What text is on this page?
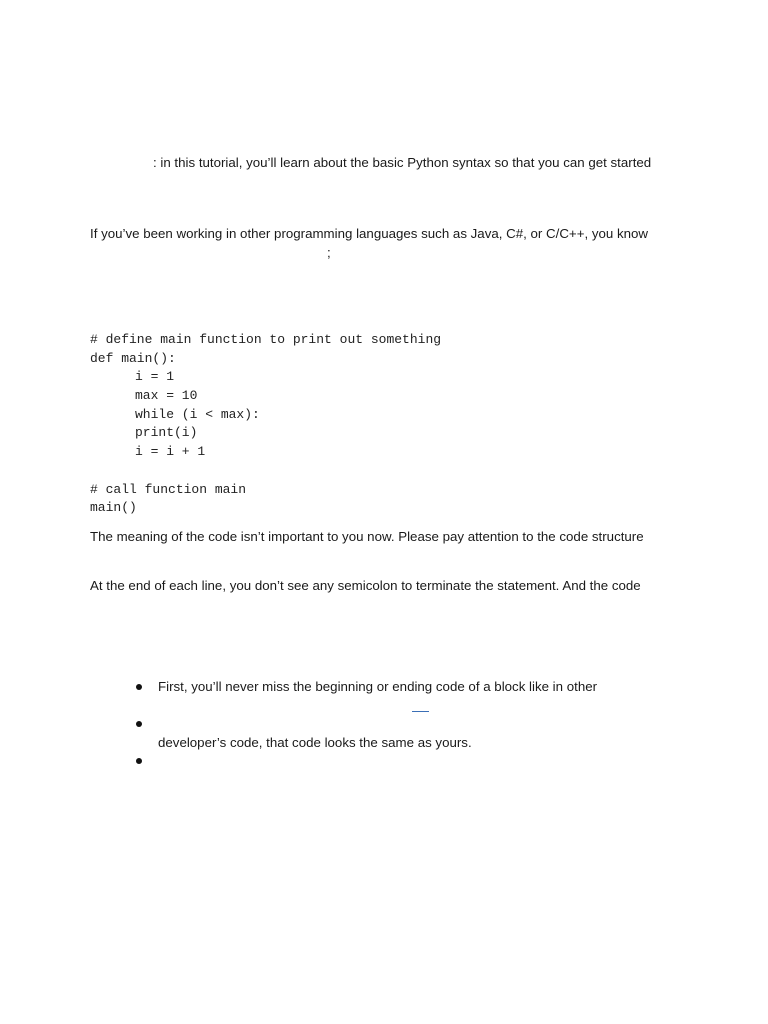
: in this tutorial, you’ll learn about the basic Python syntax so that you can get started
If you’ve been working in other programming languages such as Java, C#, or C/C++, you know
;
# define main function to print out something
def main():
i = 1
max = 10
while (i < max):
print(i)
i = i + 1
# call function main
main()
The meaning of the code isn’t important to you now. Please pay attention to the code structure
At the end of each line, you don’t see any semicolon to terminate the statement. And the code
First, you’ll never miss the beginning or ending code of a block like in other
developer’s code, that code looks the same as yours.
